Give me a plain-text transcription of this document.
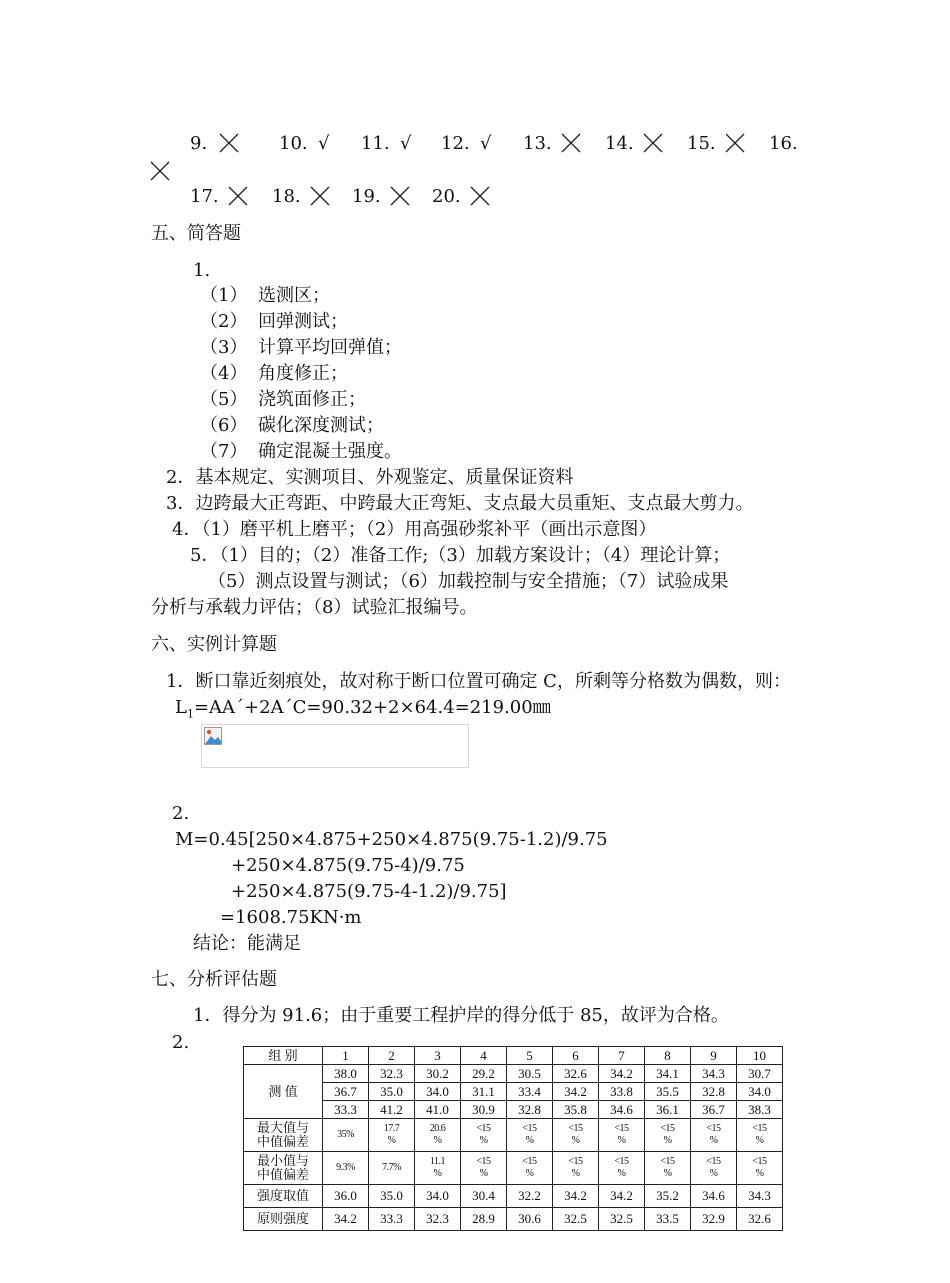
9.	10. √ 11. √ 12. √ 13.	14.	15.	16.
17.	18.	19.	20.
五、简答题
1.
（1） 选测区；
（2） 回弹测试；
（3） 计算平均回弹值；
（4） 角度修正；
（5） 浇筑面修正；
（6） 碳化深度测试；
（7） 确定混凝土强度。
2．基本规定、实测项目、外观鉴定、质量保证资料
3．边跨最大正弯距、中跨最大正弯矩、支点最大员重矩、支点最大剪力。
4．（1）磨平机上磨平；（2）用高强砂浆补平（画出示意图）
5．（1）目的；（2）准备工作;（3）加载方案设计；（4）理论计算；
（5）测点设置与测试；（6）加载控制与安全措施；（7）试验成果
分析与承载力评估；（8）试验汇报编号。
六、实例计算题
1．断口靠近刻痕处，故对称于断口位置可确定 C，所剩等分格数为偶数，则：
$L_1=AA´+2A´C=90.32+2\times 64.4=219.00㎜$
2.
M=0.45[250×4.875+250×4.875(9.75-1.2)/9.75
+250×4.875(9.75-4)/9.75
+250×4.875(9.75-4-1.2)/9.75]
=1608.75KN·m
结论：能满足
七、分析评估题
1．得分为 91.6；由于重要工程护岸的得分低于 85，故评为合格。
2.
组 别	1	2	3	4	5	6	7	8	9	10
测 值	38.0	32.3	30.2	29.2	30.5	32.6	34.2	34.1	34.3	30.7
	36.7	35.0	34.0	31.1	33.4	34.2	33.8	35.5	32.8	34.0
	33.3	41.2	41.0	30.9	32.8	35.8	34.6	36.1	36.7	38.3
最大值与
中值偏差	35%	17.7
%	20.6
%	<15
%	<15
%	<15
%	<15
%	<15
%	<15
%	<15
%
最小值与
中值偏差	9.3%	7.7%	11.1
%	<15
%	<15
%	<15
%	<15
%	<15
%	<15
%	<15
%
强度取值	36.0	35.0	34.0	30.4	32.2	34.2	34.2	35.2	34.6	34.3
原则强度	34.2	33.3	32.3	28.9	30.6	32.5	32.5	33.5	32.9	32.6
